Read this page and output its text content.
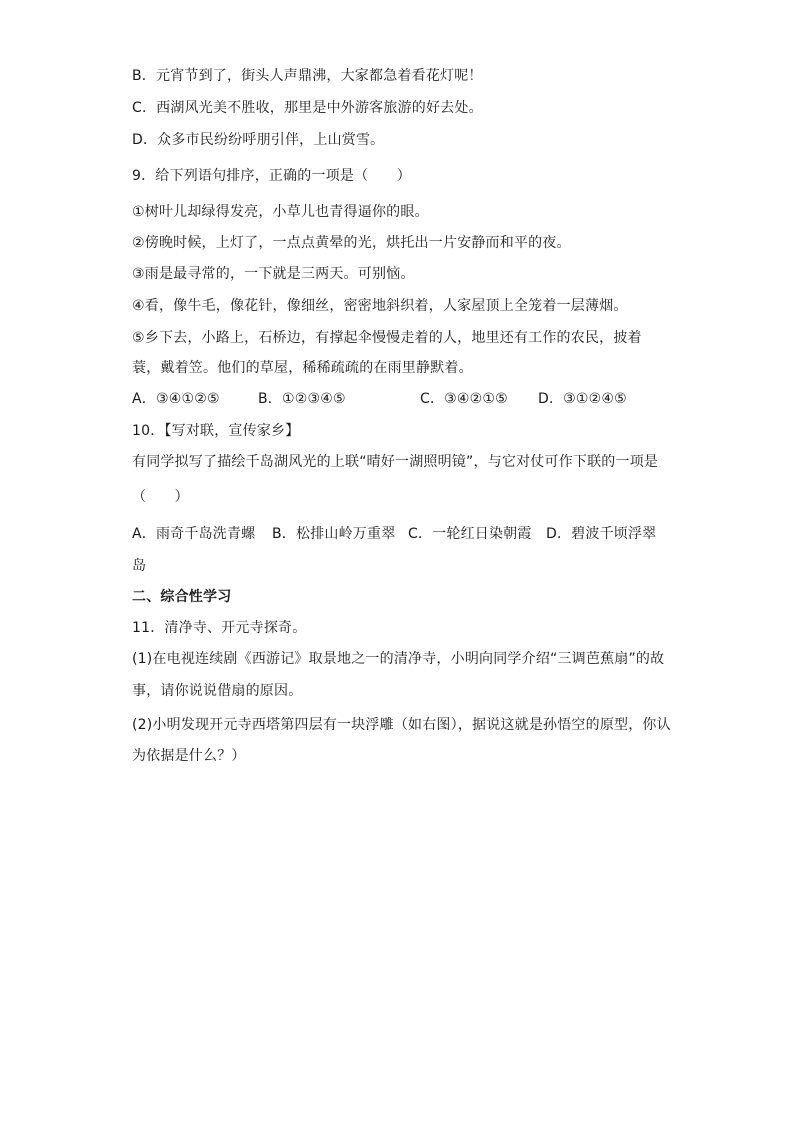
B．元宵节到了，街头人声鼎沸，大家都急着看花灯呢！
C．西湖风光美不胜收，那里是中外游客旅游的好去处。
D．众多市民纷纷呼朋引伴，上山赏雪。
9．给下列语句排序，正确的一项是（　　）
①树叶儿却绿得发亮，小草儿也青得逼你的眼。
②傍晚时候，上灯了，一点点黄晕的光，烘托出一片安静而和平的夜。
③雨是最寻常的，一下就是三两天。可别恼。
④看，像牛毛，像花针，像细丝，密密地斜织着，人家屋顶上全笼着一层薄烟。
⑤乡下去，小路上，石桥边，有撑起伞慢慢走着的人，地里还有工作的农民，披着
蓑，戴着笠。他们的草屋，稀稀疏疏的在雨里静默着。
A．③④①②⑤	B．①②③④⑤	C．③④②①⑤ D．③①②④⑤
10．【写对联，宣传家乡】
有同学拟写了描绘千岛湖风光的上联“晴好一湖照明镜”，与它对仗可作下联的一项是
（　　）
A．雨奇千岛洗青螺 B．松排山岭万重翠 C．一轮红日染朝霞 D．碧波千顷浮翠
岛
二、综合性学习
11．清净寺、开元寺探奇。
(1)在电视连续剧《西游记》取景地之一的清净寺，小明向同学介绍“三调芭蕉扇”的故
事，请你说说借扇的原因。
(2)小明发现开元寺西塔第四层有一块浮雕（如右图），据说这就是孙悟空的原型，你认
为依据是什么？）
